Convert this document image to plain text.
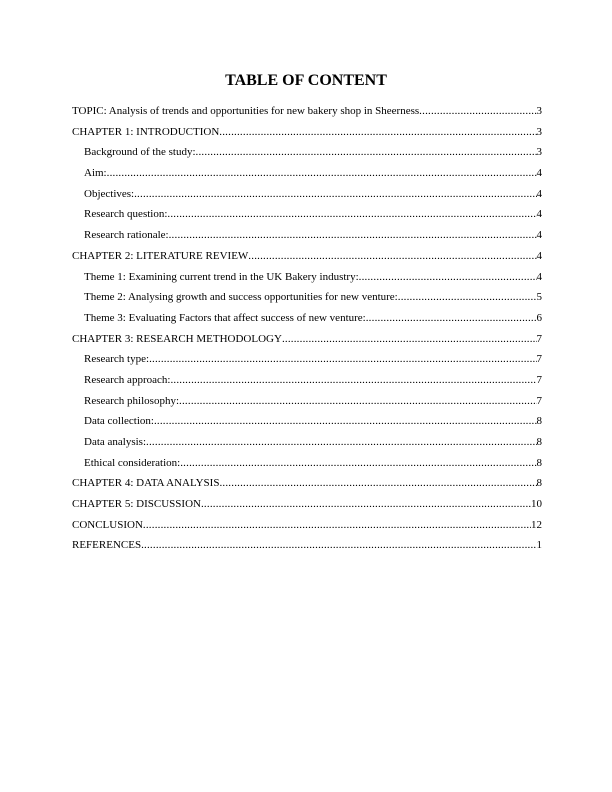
TABLE OF CONTENT
TOPIC: Analysis of trends and opportunities for new bakery shop in Sheerness .....	3
CHAPTER 1: INTRODUCTION .....	3
Background of the study: .....	3
Aim: .....	4
Objectives: .....	4
Research question: .....	4
Research rationale: .....	4
CHAPTER 2: LITERATURE REVIEW .....	4
Theme 1: Examining current trend in the UK Bakery industry: .....	4
Theme 2: Analysing growth and success opportunities for new venture: .....	5
Theme 3: Evaluating Factors that affect success of new venture: .....	6
CHAPTER 3: RESEARCH METHODOLOGY .....	7
Research type: .....	7
Research approach: .....	7
Research philosophy: .....	7
Data collection: .....	8
Data analysis: .....	8
Ethical consideration: .....	8
CHAPTER 4: DATA ANALYSIS .....	8
CHAPTER 5: DISCUSSION .....	10
CONCLUSION .....	12
REFERENCES .....	1
